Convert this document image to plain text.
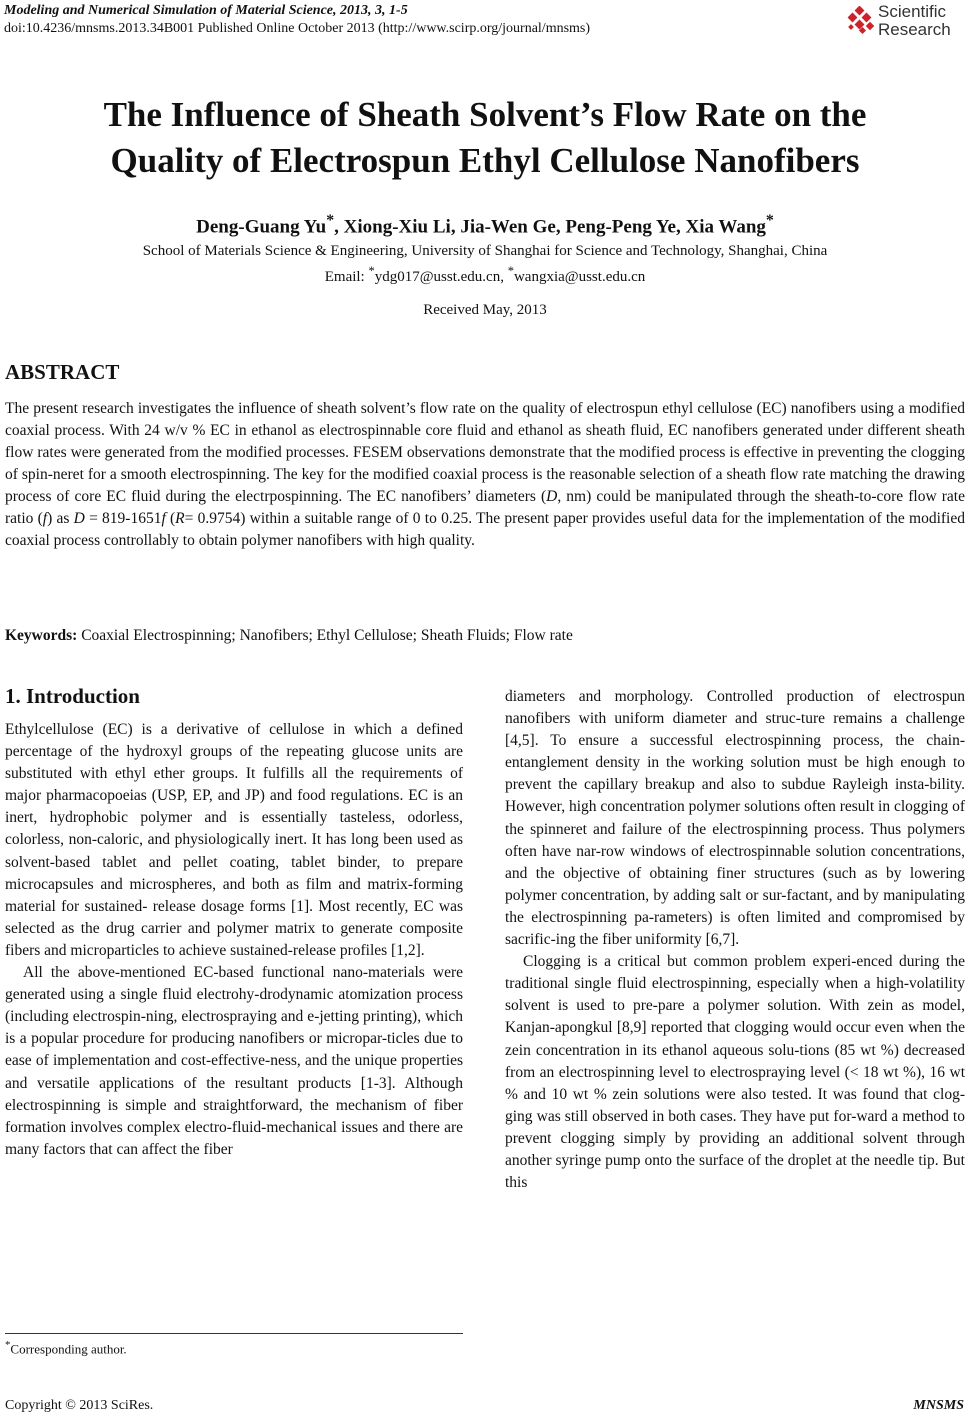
Modeling and Numerical Simulation of Material Science, 2013, 3, 1-5
doi:10.4236/mnsms.2013.34B001 Published Online October 2013 (http://www.scirp.org/journal/mnsms)
Scientific
Research
The Influence of Sheath Solvent’s Flow Rate on the
Quality of Electrospun Ethyl Cellulose Nanofibers
Deng-Guang Yu*, Xiong-Xiu Li, Jia-Wen Ge, Peng-Peng Ye, Xia Wang*
School of Materials Science & Engineering, University of Shanghai for Science and Technology, Shanghai, China
Email: *ydg017@usst.edu.cn, *wangxia@usst.edu.cn
Received May, 2013
ABSTRACT
The present research investigates the influence of sheath solvent’s flow rate on the quality of electrospun ethyl cellulose (EC) nanofibers using a modified coaxial process. With 24 w/v % EC in ethanol as electrospinnable core fluid and ethanol as sheath fluid, EC nanofibers generated under different sheath flow rates were generated from the modified processes. FESEM observations demonstrate that the modified process is effective in preventing the clogging of spin-neret for a smooth electrospinning. The key for the modified coaxial process is the reasonable selection of a sheath flow rate matching the drawing process of core EC fluid during the electrpospinning. The EC nanofibers’ diameters (D, nm) could be manipulated through the sheath-to-core flow rate ratio (f) as D = 819-1651f (R= 0.9754) within a suitable range of 0 to 0.25. The present paper provides useful data for the implementation of the modified coaxial process controllably to obtain polymer nanofibers with high quality.
Keywords: Coaxial Electrospinning; Nanofibers; Ethyl Cellulose; Sheath Fluids; Flow rate
1. Introduction

Ethylcellulose (EC) is a derivative of cellulose in which a defined percentage of the hydroxyl groups of the repeating glucose units are substituted with ethyl ether groups. It fulfills all the requirements of major pharmacopoeias (USP, EP, and JP) and food regulations. EC is an inert, hydrophobic polymer and is essentially tasteless, odorless, colorless, non-caloric, and physiologically inert. It has long been used as solvent-based tablet and pellet coating, tablet binder, to prepare microcapsules and microspheres, and both as film and matrix-forming material for sustained- release dosage forms [1]. Most recently, EC was selected as the drug carrier and polymer matrix to generate composite fibers and microparticles to achieve sustained-release profiles [1,2].

All the above-mentioned EC-based functional nano-materials were generated using a single fluid electrohy-drodynamic atomization process (including electrospin-ning, electrospraying and e-jetting printing), which is a popular procedure for producing nanofibers or micropar-ticles due to ease of implementation and cost-effective-ness, and the unique properties and versatile applications of the resultant products [1-3]. Although electrospinning is simple and straightforward, the mechanism of fiber formation involves complex electro-fluid-mechanical issues and there are many factors that can affect the fiber

diameters and morphology. Controlled production of electrospun nanofibers with uniform diameter and struc-ture remains a challenge [4,5]. To ensure a successful electrospinning process, the chain-entanglement density in the working solution must be high enough to prevent the capillary breakup and also to subdue Rayleigh insta-bility. However, high concentration polymer solutions often result in clogging of the spinneret and failure of the electrospinning process. Thus polymers often have nar-row windows of electrospinnable solution concentrations, and the objective of obtaining finer structures (such as by lowering polymer concentration, by adding salt or sur-factant, and by manipulating the electrospinning pa-rameters) is often limited and compromised by sacrific-ing the fiber uniformity [6,7].

Clogging is a critical but common problem experi-enced during the traditional single fluid electrospinning, especially when a high-volatility solvent is used to pre-pare a polymer solution. With zein as model, Kanjan-apongkul [8,9] reported that clogging would occur even when the zein concentration in its ethanol aqueous solu-tions (85 wt %) decreased from an electrospinning level to electrospraying level (< 18 wt %), 16 wt % and 10 wt % zein solutions were also tested. It was found that clog-ging was still observed in both cases. They have put for-ward a method to prevent clogging simply by providing an additional solvent through another syringe pump onto the surface of the droplet at the needle tip. But this

*Corresponding author.
Copyright © 2013 SciRes.	MNSMS
